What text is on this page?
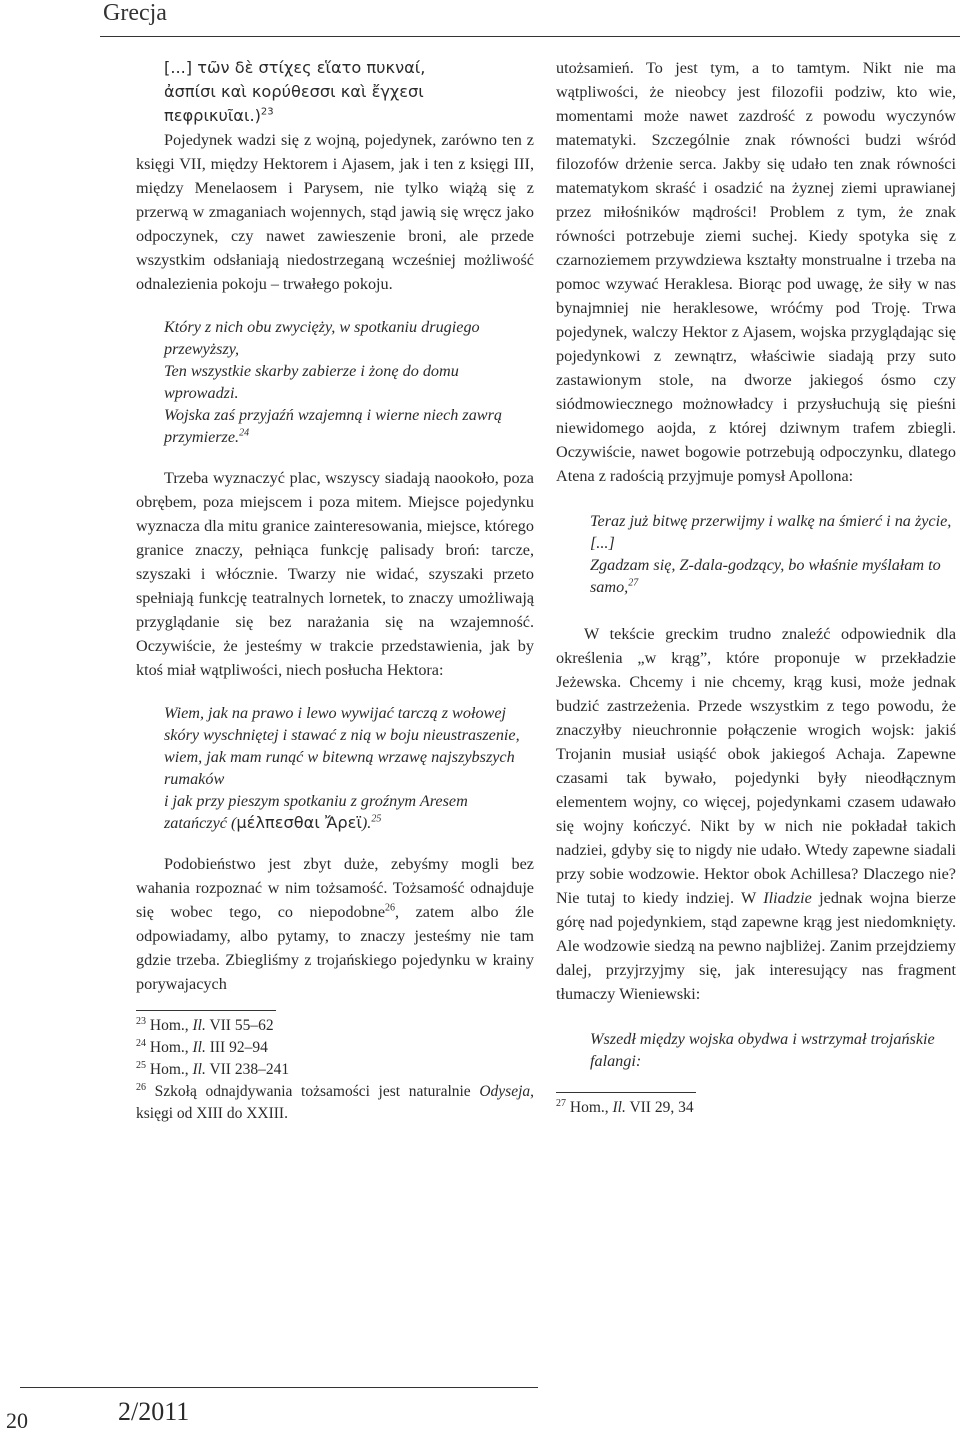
Grecja
[...] τῶν δὲ στίχες εἵατο πυκναί,
ἀσπίσι καὶ κορύθεσσι καὶ ἔγχεσι
πεφρικυῖαι.)$^{23}$

Pojedynek wadzi się z wojną, pojedynek, zarówno ten z księgi VII, między Hektorem i Ajasem, jak i ten z księgi III, między Menelaosem i Parysem, nie tylko wiążą się z przerwą w zmaganiach wojennych, stąd jawią się wręcz jako odpoczynek, czy nawet zawieszenie broni, ale przede wszystkim odsłaniają niedostrzeganą wcześniej możliwość odnalezienia pokoju – trwałego pokoju.

Który z nich obu zwycięży, w spotkaniu drugiego przewyższy,
Ten wszystkie skarby zabierze i żonę do domu wprowadzi.
Wojska zaś przyjaźń wzajemną i wierne niech zawrą przymierze.$^{24}$

Trzeba wyznaczyć plac, wszyscy siadają naookoło, poza obrębem, poza miejscem i poza mitem. Miejsce pojedynku wyznacza dla mitu granice zainteresowania, miejsce, którego granice znaczy, pełniąca funkcję palisady broń: tarcze, szyszaki i włócznie. Twarzy nie widać, szyszaki przeto spełniają funkcję teatralnych lornetek, to znaczy umożliwają przyglądanie się bez narażania się na wzajemność. Oczywiście, że jesteśmy w trakcie przedstawienia, jak by ktoś miał wątpliwości, niech posłucha Hektora:

Wiem, jak na prawo i lewo wywijać tarczą z wołowej
skóry wyschniętej i stawać z nią w boju nieustraszenie,
wiem, jak mam runąć w bitewną wrzawę najszybszych rumaków
i jak przy pieszym spotkaniu z groźnym Aresem
zatańczyć (μέλπεσθαι Ἄρεϊ).$^{25}$

Podobieństwo jest zbyt duże, zebyśmy mogli bez wahania rozpoznać w nim tożsamość. Tożsamość odnajduje się wobec tego, co niepodobne$^{26}$, zatem albo źle odpowiadamy, albo pytamy, to znaczy jesteśmy nie tam gdzie trzeba. Zbiegliśmy z trojańskiego pojedynku w krainy porywajacych

$^{23}$ Hom., Il. VII 55–62
$^{24}$ Hom., Il. III 92–94
$^{25}$ Hom., Il. VII 238–241
$^{26}$ Szkołą odnajdywania tożsamości jest naturalnie Odyseja, księgi od XIII do XXIII.

utożsamień. To jest tym, a to tamtym. Nikt nie ma wątpliwości, że nieobcy jest filozofii podziw, kto wie, momentami może nawet zazdrość z powodu wyczynów matematyki. Szczególnie znak równości budzi wśród filozofów drżenie serca. Jakby się udało ten znak równości matematykom skraść i osadzić na żyznej ziemi uprawianej przez miłośników mądrości! Problem z tym, że znak równości potrzebuje ziemi suchej. Kiedy spotyka się z czarnoziemem przywdziewa kształty monstrualne i trzeba na pomoc wzywać Heraklesa. Biorąc pod uwagę, że siły w nas bynajmniej nie heraklesowe, wróćmy pod Troję. Trwa pojedynek, walczy Hektor z Ajasem, wojska przyglądając się pojedynkowi z zewnątrz, właściwie siadają przy suto zastawionym stole, na dworze jakiegoś ósmo czy siódmowiecznego możnowładcy i przysłuchują się pieśni niewidomego aojda, z której dziwnym trafem zbiegli. Oczywiście, nawet bogowie potrzebują odpoczynku, dlatego Atena z radością przyjmuje pomysł Apollona:

Teraz już bitwę przerwijmy i walkę na śmierć i na życie,
[...]
Zgadzam się, Z-dala-godzący, bo właśnie myślałam to samo,$^{27}$

W tekście greckim trudno znaleźć odpowiednik dla określenia „w krąg”, które proponuje w przekładzie Jeżewska. Chcemy i nie chcemy, krąg kusi, może jednak budzić zastrzeżenia. Przede wszystkim z tego powodu, że znaczyłby nieuchronnie połączenie wrogich wojsk: jakiś Trojanin musiał usiąść obok jakiegoś Achaja. Zapewne czasami tak bywało, pojedynki były nieodłącznym elementem wojny, co więcej, pojedynkami czasem udawało się wojny kończyć. Nikt by w nich nie pokładał takich nadziei, gdyby się to nigdy nie udało. Wtedy zapewne siadali przy sobie wodzowie. Hektor obok Achillesa? Dlaczego nie? Nie tutaj to kiedy indziej. W Iliadzie jednak wojna bierze górę nad pojedynkiem, stąd zapewne krąg jest niedomknięty. Ale wodzowie siedzą na pewno najbliżej. Zanim przejdziemy dalej, przyjrzyjmy się, jak interesujący nas fragment tłumaczy Wieniewski:

Wszedł między wojska obydwa i wstrzymał trojańskie falangi:
$^{27}$ Hom., Il. VII 29, 34
20	2/2011
